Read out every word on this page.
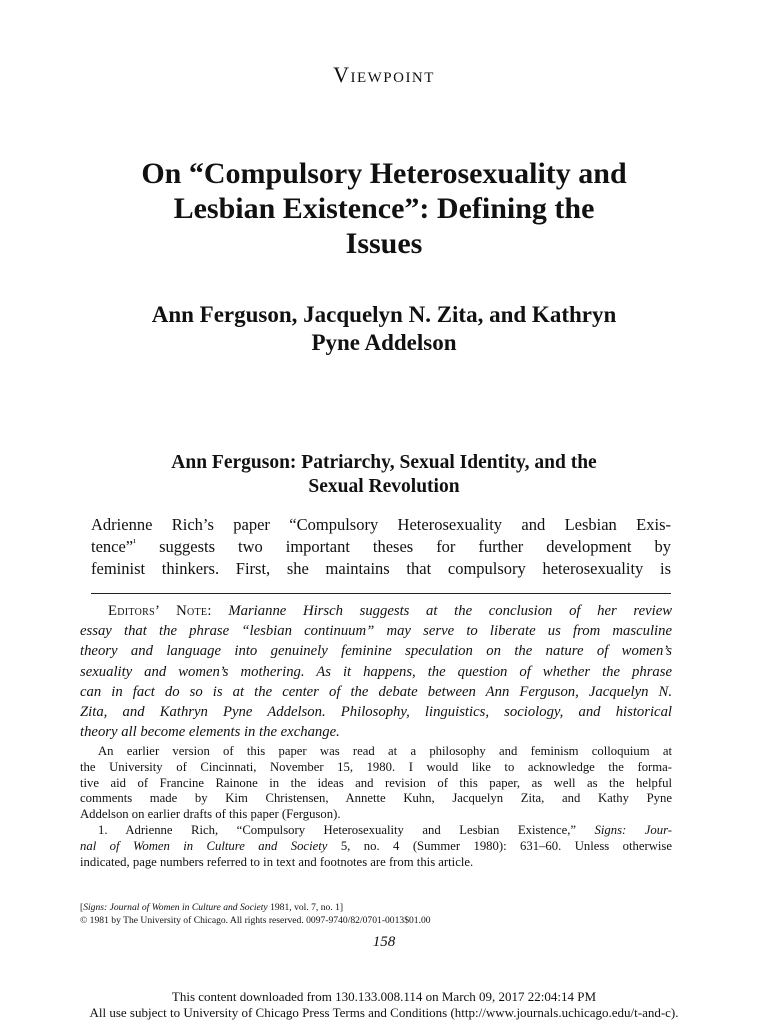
Viewpoint
On “Compulsory Heterosexuality and
Lesbian Existence”: Defining the
Issues
Ann Ferguson, Jacquelyn N. Zita, and Kathryn
Pyne Addelson
Ann Ferguson: Patriarchy, Sexual Identity, and the
Sexual Revolution
Adrienne Rich’s paper “Compulsory Heterosexuality and Lesbian Exis-
tence”$^{^1}$ suggests two important theses for further development by
feminist thinkers. First, she maintains that compulsory heterosexuality is
Editors’ Note: Marianne Hirsch suggests at the conclusion of her review
essay that the phrase “lesbian continuum” may serve to liberate us from masculine
theory and language into genuinely feminine speculation on the nature of women’s
sexuality and women’s mothering. As it happens, the question of whether the phrase
can in fact do so is at the center of the debate between Ann Ferguson, Jacquelyn N.
Zita, and Kathryn Pyne Addelson. Philosophy, linguistics, sociology, and historical
theory all become elements in the exchange.
An earlier version of this paper was read at a philosophy and feminism colloquium at
the University of Cincinnati, November 15, 1980. I would like to acknowledge the forma-
tive aid of Francine Rainone in the ideas and revision of this paper, as well as the helpful
comments made by Kim Christensen, Annette Kuhn, Jacquelyn Zita, and Kathy Pyne
Addelson on earlier drafts of this paper (Ferguson).
1. Adrienne Rich, “Compulsory Heterosexuality and Lesbian Existence,” Signs: Jour-
nal of Women in Culture and Society 5, no. 4 (Summer 1980): 631–60. Unless otherwise
indicated, page numbers referred to in text and footnotes are from this article.
[Signs: Journal of Women in Culture and Society 1981, vol. 7, no. 1]
© 1981 by The University of Chicago. All rights reserved. 0097-9740/82/0701-0013$01.00
158
This content downloaded from 130.133.008.114 on March 09, 2017 22:04:14 PM
All use subject to University of Chicago Press Terms and Conditions (http://www.journals.uchicago.edu/t-and-c).
